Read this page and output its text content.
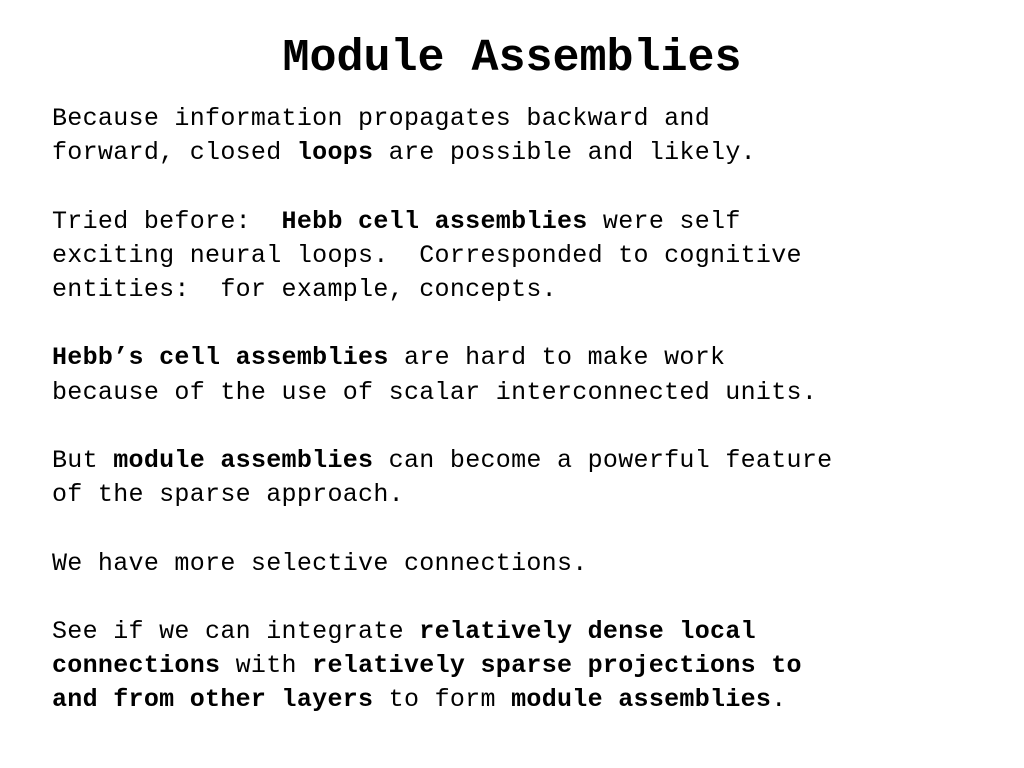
Module Assemblies

Because information propagates backward and
forward, closed loops are possible and likely.

Tried before:  Hebb cell assemblies were self
exciting neural loops.  Corresponded to cognitive
entities:  for example, concepts.

Hebb’s cell assemblies are hard to make work
because of the use of scalar interconnected units.

But module assemblies can become a powerful feature
of the sparse approach.

We have more selective connections.

See if we can integrate relatively dense local
connections with relatively sparse projections to
and from other layers to form module assemblies.
